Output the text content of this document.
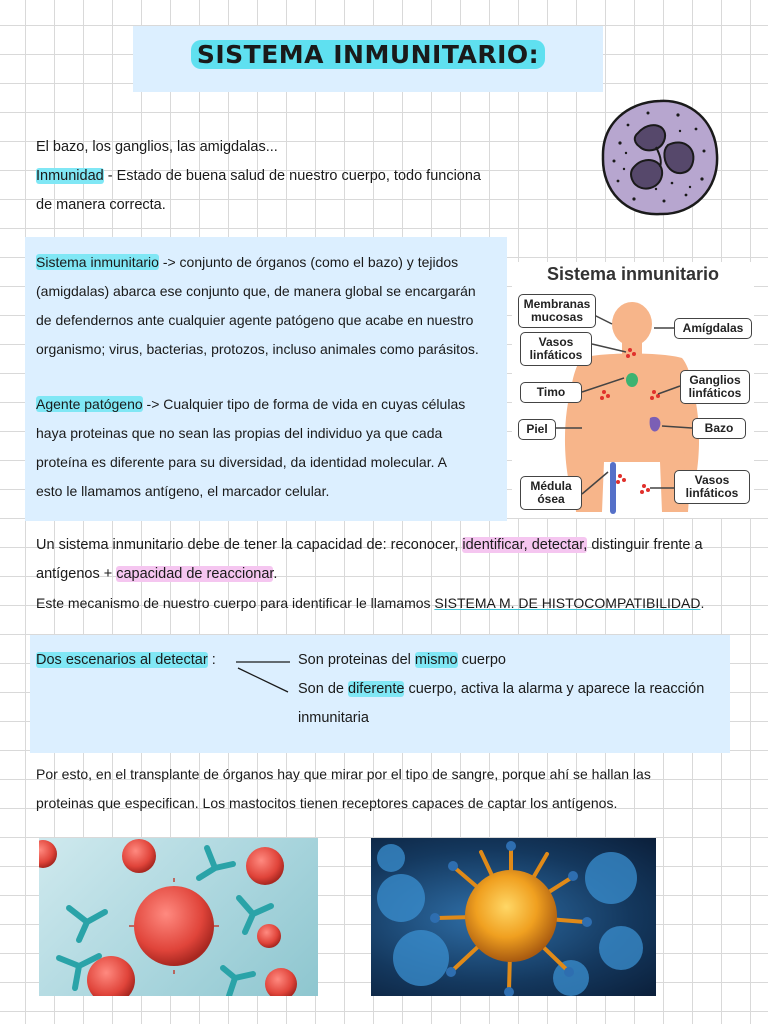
SISTEMA INMUNITARIO:
El bazo, los ganglios, las amigdalas...
Inmunidad - Estado de buena salud de nuestro cuerpo, todo funciona
de manera correcta.
Sistema inmunitario -> conjunto de órganos (como el bazo) y tejidos
(amigdalas) abarca ese conjunto que, de manera global se encargarán
de defendernos ante cualquier agente patógeno que acabe en nuestro
organismo; virus, bacterias, protozos, incluso animales como parásitos.
Agente patógeno -> Cualquier tipo de forma de vida en cuyas células
haya proteinas que no sean las propias del individuo ya que cada
proteína es diferente para su diversidad, da identidad molecular. A
esto le llamamos antígeno, el marcador celular.
Sistema inmunitario
Membranas
mucosas
Vasos
linfáticos
Timo
Piel
Médula
ósea
Amígdalas
Ganglios
linfáticos
Bazo
Vasos
linfáticos
Un sistema inmunitario debe de tener la capacidad de: reconocer, identificar, detectar, distinguir frente a
antígenos + capacidad de reaccionar.
Este mecanismo de nuestro cuerpo para identificar le llamamos SISTEMA M. DE HISTOCOMPATIBILIDAD.
Dos escenarios al detectar :	Son proteinas del mismo cuerpo
Son de diferente cuerpo, activa la alarma y aparece la reacción
inmunitaria
Por esto, en el transplante de órganos hay que mirar por el tipo de sangre, porque ahí se hallan las
proteinas que especifican. Los mastocitos tienen receptores capaces de captar los antígenos.
